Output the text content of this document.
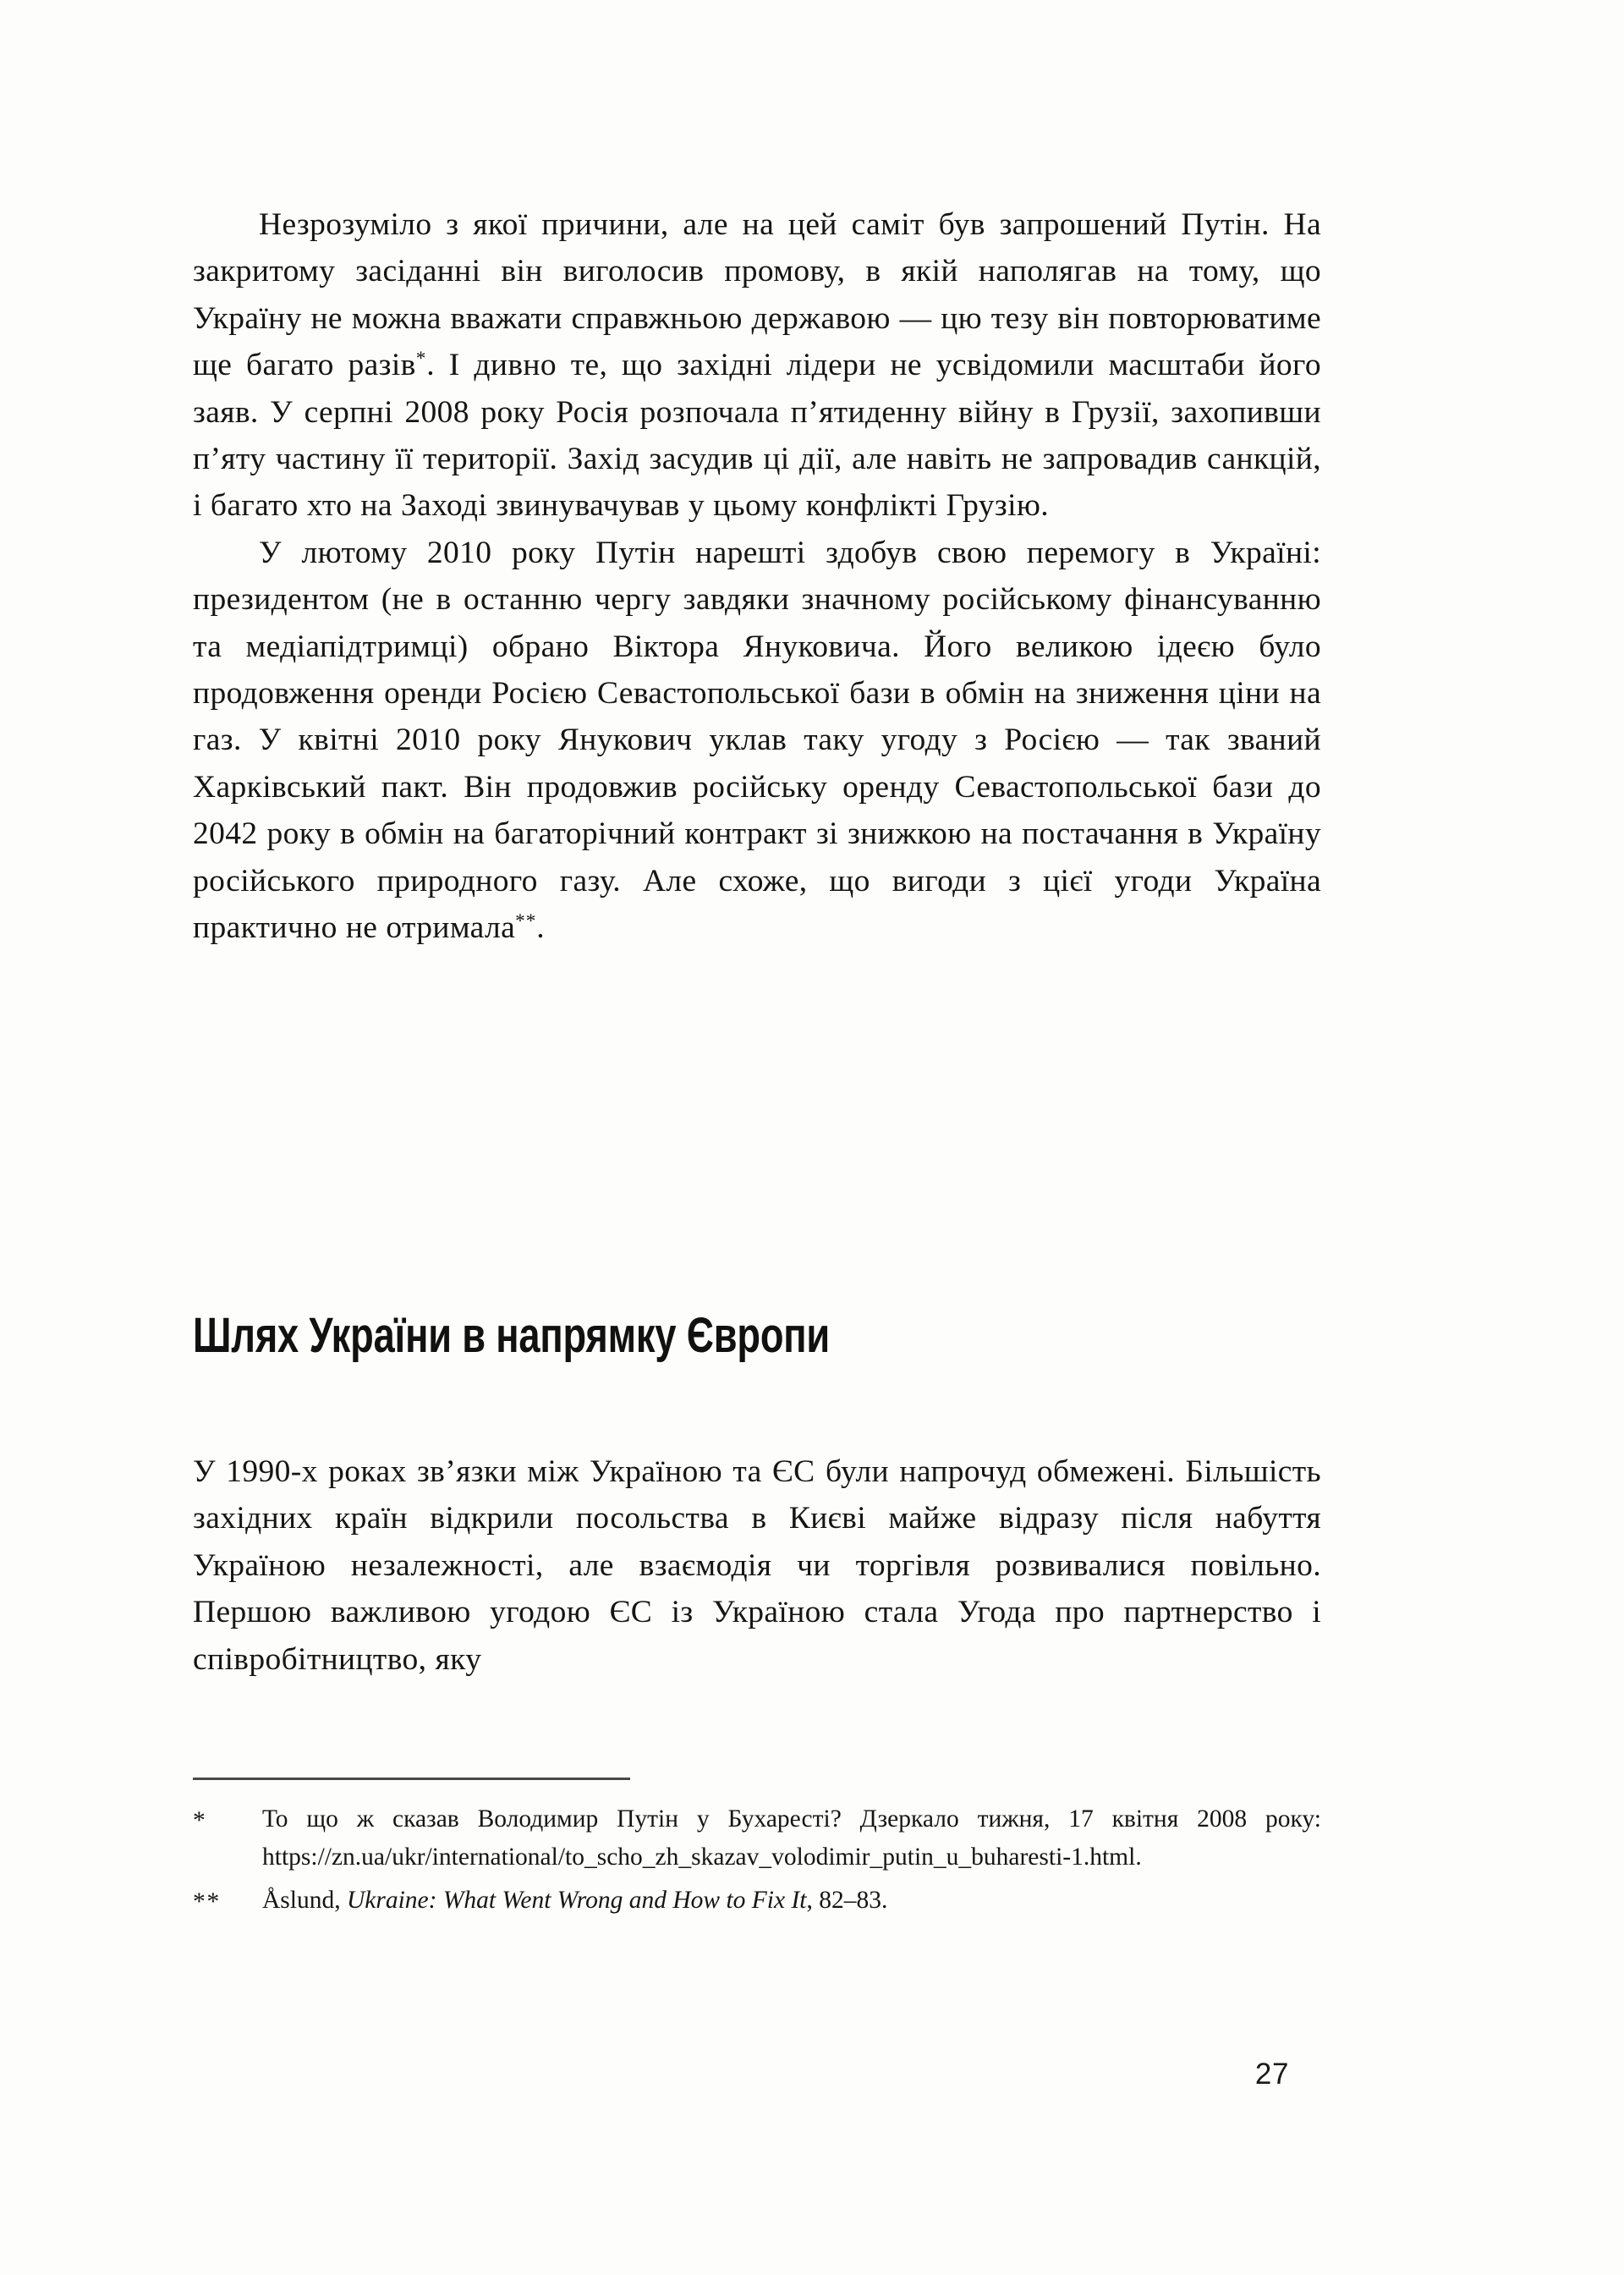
Незрозуміло з якої причини, але на цей саміт був запрошений Путін. На закритому засіданні він виголосив промову, в якій наполягав на тому, що Україну не можна вважати справжньою державою — цю тезу він повторюватиме ще багато разів*. І дивно те, що західні лідери не усвідомили масштаби його заяв. У серпні 2008 року Росія розпочала п’ятиденну війну в Грузії, захопивши п’яту частину її території. Захід засудив ці дії, але навіть не запровадив санкцій, і багато хто на Заході звинувачував у цьому конфлікті Грузію.

У лютому 2010 року Путін нарешті здобув свою перемогу в Україні: президентом (не в останню чергу завдяки значному російському фінансуванню та медіапідтримці) обрано Віктора Януковича. Його великою ідеєю було продовження оренди Росією Севастопольської бази в обмін на зниження ціни на газ. У квітні 2010 року Янукович уклав таку угоду з Росією — так званий Харківський пакт. Він продовжив російську оренду Севастопольської бази до 2042 року в обмін на багаторічний контракт зі знижкою на постачання в Україну російського природного газу. Але схоже, що вигоди з цієї угоди Україна практично не отримала**.

Шлях України в напрямку Європи

У 1990-х роках зв’язки між Україною та ЄС були напрочуд обмежені. Більшість західних країн відкрили посольства в Києві майже відразу після набуття Україною незалежності, але взаємодія чи торгівля розвивалися повільно. Першою важливою угодою ЄС із Україною стала Угода про партнерство і співробітництво, яку

*	То що ж сказав Володимир Путін у Бухаресті? Дзеркало тижня, 17 квітня 2008 року: https://zn.ua/ukr/international/to_scho_zh_skazav_volodimir_putin_u_buharesti-1.html.
**	Åslund, Ukraine: What Went Wrong and How to Fix It, 82–83.
27
